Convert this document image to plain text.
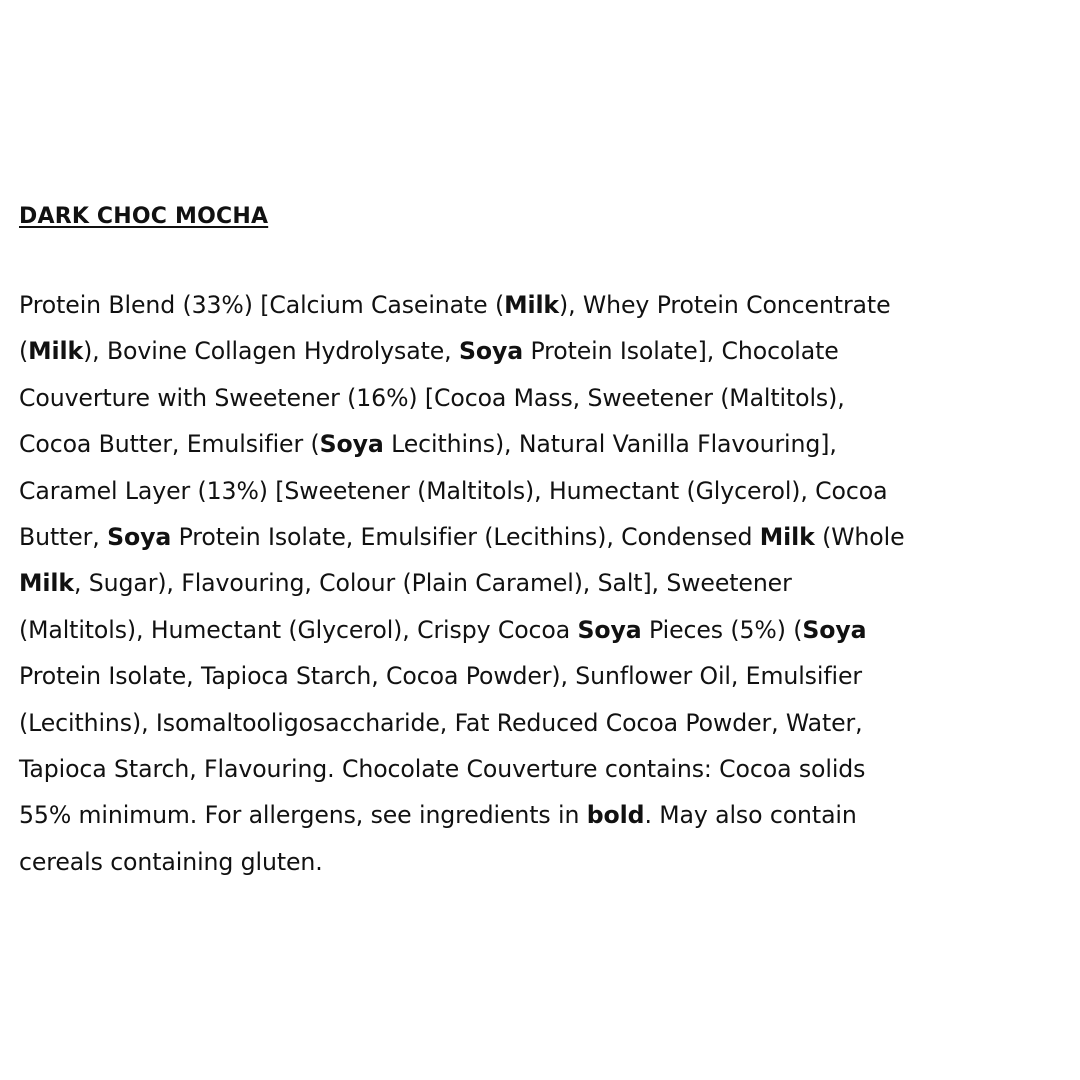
DARK CHOC MOCHA

Protein Blend (33%) [Calcium Caseinate (Milk), Whey Protein Concentrate
(Milk), Bovine Collagen Hydrolysate, Soya Protein Isolate], Chocolate
Couverture with Sweetener (16%) [Cocoa Mass, Sweetener (Maltitols),
Cocoa Butter, Emulsifier (Soya Lecithins), Natural Vanilla Flavouring],
Caramel Layer (13%) [Sweetener (Maltitols), Humectant (Glycerol), Cocoa
Butter, Soya Protein Isolate, Emulsifier (Lecithins), Condensed Milk (Whole
Milk, Sugar), Flavouring, Colour (Plain Caramel), Salt], Sweetener
(Maltitols), Humectant (Glycerol), Crispy Cocoa Soya Pieces (5%) (Soya
Protein Isolate, Tapioca Starch, Cocoa Powder), Sunflower Oil, Emulsifier
(Lecithins), Isomaltooligosaccharide, Fat Reduced Cocoa Powder, Water,
Tapioca Starch, Flavouring. Chocolate Couverture contains: Cocoa solids
55% minimum. For allergens, see ingredients in bold. May also contain
cereals containing gluten.
